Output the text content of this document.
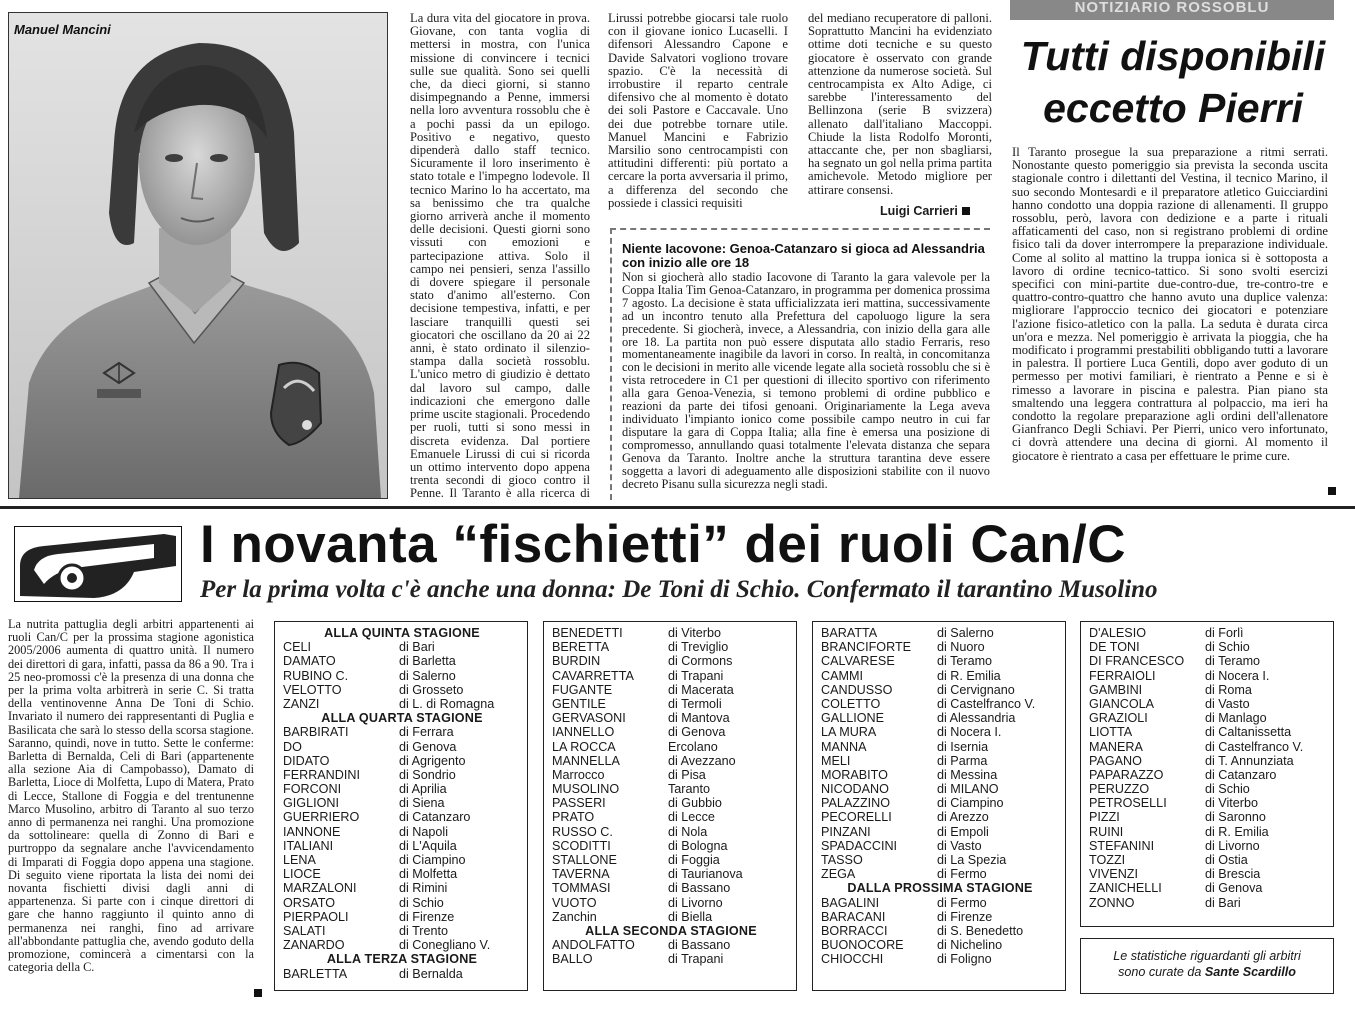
Manuel Mancini
La dura vita del giocatore in prova. Giovane, con tanta voglia di mettersi in mostra, con l'unica missione di convincere i tecnici sulle sue qualità. Sono sei quelli che, da dieci giorni, si stanno disimpegnando a Penne, immersi nella loro avventura rossoblu che è a pochi passi da un epilogo. Positivo e negativo, questo dipenderà dallo staff tecnico. Sicuramente il loro inserimento è stato totale e l'impegno lodevole. Il tecnico Marino lo ha accertato, ma sa benissimo che tra qualche giorno arriverà anche il momento delle decisioni. Questi giorni sono vissuti con emozioni e partecipazione attiva. Solo il campo nei pensieri, senza l'assillo di dovere spiegare il personale stato d'animo all'esterno. Con decisione tempestiva, infatti, e per lasciare tranquilli questi sei giocatori che oscillano da 20 ai 22 anni, è stato ordinato il silenzio-stampa dalla società rossoblu. L'unico metro di giudizio è dettato dal lavoro sul campo, dalle indicazioni che emergono dalle prime uscite stagionali. Procedendo per ruoli, tutti si sono messi in discreta evidenza. Dal portiere Emanuele Lirussi di cui si ricorda un ottimo intervento dopo appena trenta secondi di gioco contro il Penne. Il Taranto è alla ricerca di
Lirussi potrebbe giocarsi tale ruolo con il giovane ionico Lucaselli. I difensori Alessandro Capone e Davide Salvatori vogliono trovare spazio. C'è la necessità di irrobustire il reparto centrale difensivo che al momento è dotato dei soli Pastore e Caccavale. Uno dei due potrebbe tornare utile. Manuel Mancini e Fabrizio Marsilio sono centrocampisti con attitudini differenti: più portato a cercare la porta avversaria il primo, a differenza del secondo che possiede i classici requisiti
del mediano recuperatore di palloni. Soprattutto Mancini ha evidenziato ottime doti tecniche e su questo giocatore è osservato con grande attenzione da numerose società. Sul centrocampista ex Alto Adige, ci sarebbe l'interessamento del Bellinzona (serie B svizzera) allenato dall'italiano Maccoppi. Chiude la lista Rodolfo Moronti, attaccante che, per non sbagliarsi, ha segnato un gol nella prima partita amichevole. Metodo migliore per attirare consensi.
Luigi Carrieri
Niente Iacovone: Genoa-Catanzaro si gioca ad Alessandria con inizio alle ore 18
Non si giocherà allo stadio Iacovone di Taranto la gara valevole per la Coppa Italia Tim Genoa-Catanzaro, in programma per domenica prossima 7 agosto. La decisione è stata ufficializzata ieri mattina, successivamente ad un incontro tenuto alla Prefettura del capoluogo ligure la sera precedente. Si giocherà, invece, a Alessandria, con inizio della gara alle ore 18. La partita non può essere disputata allo stadio Ferraris, reso momentaneamente inagibile da lavori in corso. In realtà, in concomitanza con le decisioni in merito alle vicende legate alla società rossoblu che si è vista retrocedere in C1 per questioni di illecito sportivo con riferimento alla gara Genoa-Venezia, si temono problemi di ordine pubblico e reazioni da parte dei tifosi genoani. Originariamente la Lega aveva individuato l'impianto ionico come possibile campo neutro in cui far disputare la gara di Coppa Italia; alla fine è emersa una posizione di compromesso, annullando quasi totalmente l'elevata distanza che separa Genova da Taranto. Inoltre anche la struttura tarantina deve essere soggetta a lavori di adeguamento alle disposizioni stabilite con il nuovo decreto Pisanu sulla sicurezza negli stadi.
NOTIZIARIO ROSSOBLU
Tutti disponibili
eccetto Pierri
Il Taranto prosegue la sua preparazione a ritmi serrati. Nonostante questo pomeriggio sia prevista la seconda uscita stagionale contro i dilettanti del Vestina, il tecnico Marino, il suo secondo Montesardi e il preparatore atletico Guicciardini hanno condotto una doppia razione di allenamenti. Il gruppo rossoblu, però, lavora con dedizione e a parte i rituali affaticamenti del caso, non si registrano problemi di ordine fisico tali da dover interrompere la preparazione individuale. Come al solito al mattino la truppa ionica si è sottoposta a lavoro di ordine tecnico-tattico. Si sono svolti esercizi specifici con mini-partite due-contro-due, tre-contro-tre e quattro-contro-quattro che hanno avuto una duplice valenza: migliorare l'approccio tecnico dei giocatori e potenziare l'azione fisico-atletico con la palla. La seduta è durata circa un'ora e mezza. Nel pomeriggio è arrivata la pioggia, che ha modificato i programmi prestabiliti obbligando tutti a lavorare in palestra. Il portiere Luca Gentili, dopo aver goduto di un permesso per motivi familiari, è rientrato a Penne e si è rimesso a lavorare in piscina e palestra. Pian piano sta smaltendo una leggera contrattura al polpaccio, ma ieri ha condotto la regolare preparazione agli ordini dell'allenatore Gianfranco Degli Schiavi. Per Pierri, unico vero infortunato, ci dovrà attendere una decina di giorni. Al momento il giocatore è rientrato a casa per effettuare le prime cure.
I novanta “fischietti” dei ruoli Can/C
Per la prima volta c'è anche una donna: De Toni di Schio. Confermato il tarantino Musolino
La nutrita pattuglia degli arbitri appartenenti ai ruoli Can/C per la prossima stagione agonistica 2005/2006 aumenta di quattro unità. Il numero dei direttori di gara, infatti, passa da 86 a 90. Tra i 25 neo-promossi c'è la presenza di una donna che per la prima volta arbitrerà in serie C. Si tratta della ventinovenne Anna De Toni di Schio. Invariato il numero dei rappresentanti di Puglia e Basilicata che sarà lo stesso della scorsa stagione. Saranno, quindi, nove in tutto. Sette le conferme: Barletta di Bernalda, Celi di Bari (appartenente alla sezione Aia di Campobasso), Damato di Barletta, Lioce di Molfetta, Lupo di Matera, Prato di Lecce, Stallone di Foggia e del trentunenne Marco Musolino, arbitro di Taranto al suo terzo anno di permanenza nei ranghi. Una promozione da sottolineare: quella di Zonno di Bari e purtroppo da segnalare anche l'avvicendamento di Imparati di Foggia dopo appena una stagione. Di seguito viene riportata la lista dei nomi dei novanta fischietti divisi dagli anni di appartenenza. Si parte con i cinque direttori di gare che hanno raggiunto il quinto anno di permanenza nei ranghi, fino ad arrivare all'abbondante pattuglia che, avendo goduto della promozione, comincerà a cimentarsi con la categoria della C.
ALLA QUINTA STAGIONE
CELI	di Bari
DAMATO	di Barletta
RUBINO C.	di Salerno
VELOTTO	di Grosseto
ZANZI	di L. di Romagna
ALLA QUARTA STAGIONE
BARBIRATI	di Ferrara
DO	di Genova
DIDATO	di Agrigento
FERRANDINI	di Sondrio
FORCONI	di Aprilia
GIGLIONI	di Siena
GUERRIERO	di Catanzaro
IANNONE	di Napoli
ITALIANI	di L'Aquila
LENA	di Ciampino
LIOCE	di Molfetta
MARZALONI	di Rimini
ORSATO	di Schio
PIERPAOLI	di Firenze
SALATI	di Trento
ZANARDO	di Conegliano V.
ALLA TERZA STAGIONE
BARLETTA	di Bernalda
BENEDETTI	di Viterbo
BERETTA	di Treviglio
BURDIN	di Cormons
CAVARRETTA	di Trapani
FUGANTE	di Macerata
GENTILE	di Termoli
GERVASONI	di Mantova
IANNELLO	di Genova
LA ROCCA	Ercolano
MANNELLA	di Avezzano
Marrocco	di Pisa
MUSOLINO	Taranto
PASSERI	di Gubbio
PRATO	di Lecce
RUSSO C.	di Nola
SCODITTI	di Bologna
STALLONE	di Foggia
TAVERNA	di Taurianova
TOMMASI	di Bassano
VUOTO	di Livorno
Zanchin	di Biella
ALLA SECONDA STAGIONE
ANDOLFATTO	di Bassano
BALLO	di Trapani
BARATTA	di Salerno
BRANCIFORTE	di Nuoro
CALVARESE	di Teramo
CAMMI	di R. Emilia
CANDUSSO	di Cervignano
COLETTO	di Castelfranco V.
GALLIONE	di Alessandria
LA MURA	di Nocera I.
MANNA	di Isernia
MELI	di Parma
MORABITO	di Messina
NICODANO	di MILANO
PALAZZINO	di Ciampino
PECORELLI	di Arezzo
PINZANI	di Empoli
SPADACCINI	di Vasto
TASSO	di La Spezia
ZEGA	di Fermo
DALLA PROSSIMA STAGIONE
BAGALINI	di Fermo
BARACANI	di Firenze
BORRACCI	di S. Benedetto
BUONOCORE	di Nichelino
CHIOCCHI	di Foligno
D'ALESIO	di Forlì
DE TONI	di Schio
DI FRANCESCO	di Teramo
FERRAIOLI	di Nocera I.
GAMBINI	di Roma
GIANCOLA	di Vasto
GRAZIOLI	di Manlago
LIOTTA	di Caltanissetta
MANERA	di Castelfranco V.
PAGANO	di T. Annunziata
PAPARAZZO	di Catanzaro
PERUZZO	di Schio
PETROSELLI	di Viterbo
PIZZI	di Saronno
RUINI	di R. Emilia
STEFANINI	di Livorno
TOZZI	di Ostia
VIVENZI	di Brescia
ZANICHELLI	di Genova
ZONNO	di Bari
Le statistiche riguardanti gli arbitri
sono curate da Sante Scardillo
